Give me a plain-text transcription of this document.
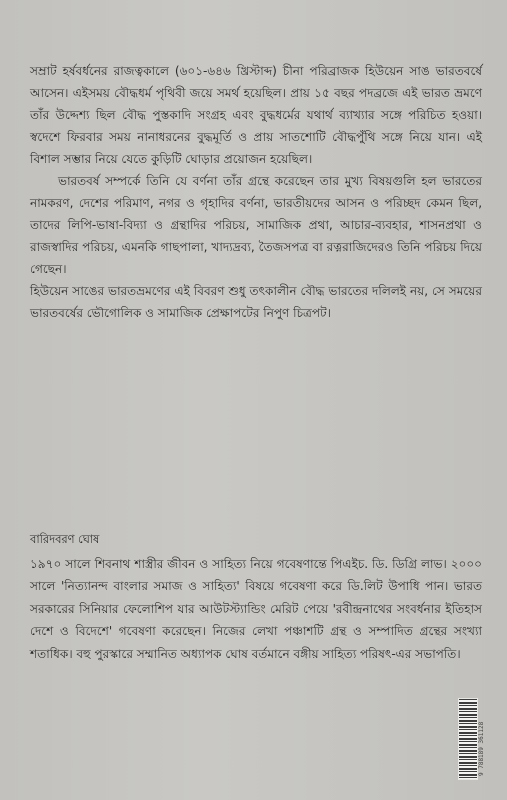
সম্রাট হর্ষবর্ধনের রাজত্বকালে (৬০১-৬৪৬ খ্রিস্টাব্দ) চীনা পরিব্রাজক হিউয়েন সাঙ ভারতবর্ষে আসেন। এইসময় বৌদ্ধধর্ম পৃথিবী জয়ে সমর্থ হয়েছিল। প্রায় ১৫ বছর পদব্রজে এই ভারত ভ্রমণে তাঁর উদ্দেশ্য ছিল বৌদ্ধ পুস্তকাদি সংগ্রহ এবং বুদ্ধধর্মের যথার্থ ব্যাখ্যার সঙ্গে পরিচিত হওয়া। স্বদেশে ফিরবার সময় নানাধরনের বুদ্ধমূর্তি ও প্রায় সাতশোটি বৌদ্ধপুঁথি সঙ্গে নিয়ে যান। এই বিশাল সম্ভার নিয়ে যেতে কুড়িটি ঘোড়ার প্রয়োজন হয়েছিল।

ভারতবর্ষ সম্পর্কে তিনি যে বর্ণনা তাঁর গ্রন্থে করেছেন তার মুখ্য বিষয়গুলি হল ভারতের নামকরণ, দেশের পরিমাণ, নগর ও গৃহাদির বর্ণনা, ভারতীয়দের আসন ও পরিচ্ছদ কেমন ছিল, তাদের লিপি-ভাষা-বিদ্যা ও গ্রন্থাদির পরিচয়, সামাজিক প্রথা, আচার-ব্যবহার, শাসনপ্রথা ও রাজস্বাদির পরিচয়, এমনকি গাছপালা, খাদ্যদ্রব্য, তৈজসপত্র বা রত্নরাজিদেরও তিনি পরিচয় দিয়ে গেছেন।

হিউয়েন সাঙের ভারতভ্রমণের এই বিবরণ শুধু তৎকালীন বৌদ্ধ ভারতের দলিলই নয়, সে সময়ের ভারতবর্ষের ভৌগোলিক ও সামাজিক প্রেক্ষাপটের নিপুণ চিত্রপট।

বারিদবরণ ঘোষ

১৯৭০ সালে শিবনাথ শাস্ত্রীর জীবন ও সাহিত্য নিয়ে গবেষণান্তে পিএইচ. ডি. ডিগ্রি লাভ। ২০০০ সালে 'নিত্যানন্দ বাংলার সমাজ ও সাহিত্য' বিষয়ে গবেষণা করে ডি.লিট উপাধি পান। ভারত সরকারের সিনিয়ার ফেলোশিপ যার আউটস্ট্যান্ডিং মেরিট পেয়ে 'রবীন্দ্রনাথের সংবর্ধনার ইতিহাস দেশে ও বিদেশে' গবেষণা করেছেন। নিজের লেখা পঞ্চাশটি গ্রন্থ ও সম্পাদিত গ্রন্থের সংখ্যা শতাধিক। বহু পুরস্কারে সম্মানিত অধ্যাপক ঘোষ বর্তমানে বঙ্গীয় সাহিত্য পরিষৎ-এর সভাপতি।

9 788189 361128
